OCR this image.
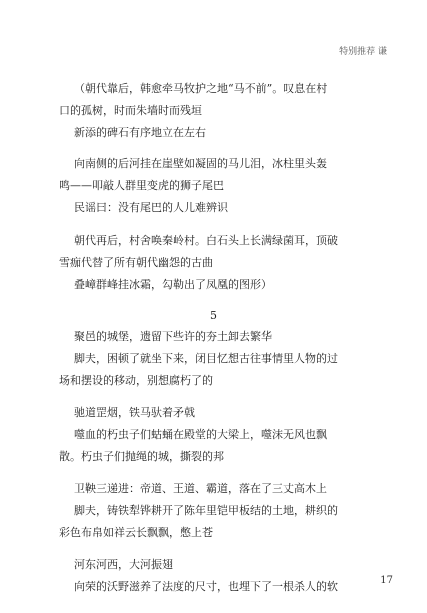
特别推荐 谦
（朝代靠后，韩愈牵马牧护之地“马不前”。叹息在村
口的孤树，时而朱墙时而残垣
新添的碑石有序地立在左右
向南侧的后河挂在崖壁如凝固的马儿泪，冰柱里头轰
鸣——叩敲人群里变虎的狮子尾巴
民谣曰：没有尾巴的人儿难辨识
朝代再后，村舍唤秦岭村。白石头上长满绿菌耳，顶破
雪痂代替了所有朝代幽怨的古曲
叠嶂群峰挂冰霜，勾勒出了凤凰的图形）
5
聚邑的城堡，遗留下些许的夯土卸去繁华
脚夫，困顿了就坐下来，闭目忆想古往事情里人物的过
场和摆设的移动，别想腐朽了的
驰道罡烟，铁马驮着矛戟
噬血的朽虫子们蛄蛹在殿堂的大梁上，噬沫无风也飘
散。朽虫子们抛绳的城，撕裂的邦
卫鞅三递进：帝道、王道、霸道，落在了三丈高木上
脚夫，铸铁犁铧耕开了陈年里铠甲板结的土地，耕织的
彩色布帛如祥云长飘飘，憋上苍
河东河西，大河振翅
向荣的沃野滋养了法度的尺寸，也埋下了一根杀人的软	17
